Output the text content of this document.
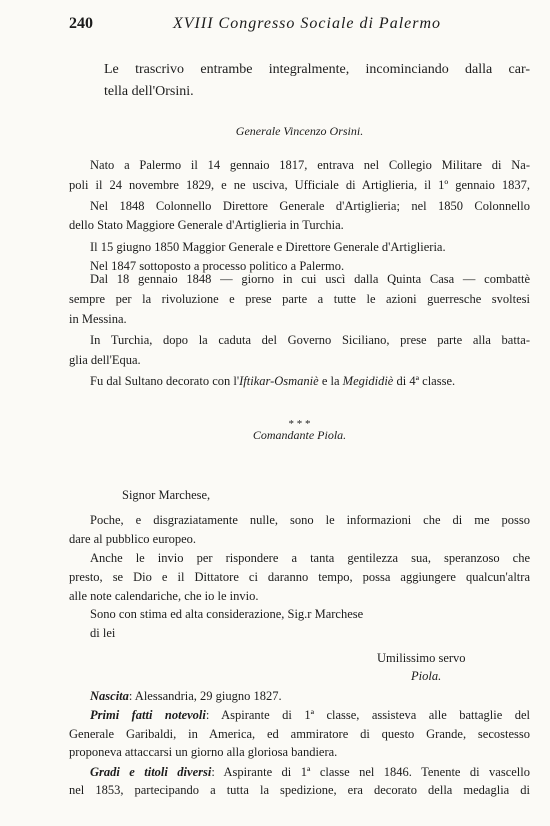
240	XVIII Congresso Sociale di Palermo
Le trascrivo entrambe integralmente, incominciando dalla car-
tella dell'Orsini.
Generale Vincenzo Orsini.
Nato a Palermo il 14 gennaio 1817, entrava nel Collegio Militare di Na-
poli il 24 novembre 1829, e ne usciva, Ufficiale di Artiglieria, il 1º gennaio 1837,
Nel 1848 Colonnello Direttore Generale d'Artiglieria; nel 1850 Colonnello
dello Stato Maggiore Generale d'Artiglieria in Turchia.
Il 15 giugno 1850 Maggior Generale e Direttore Generale d'Artiglieria.
Nel 1847 sottoposto a processo politico a Palermo.
Dal 18 gennaio 1848 — giorno in cui uscì dalla Quinta Casa — combattè
sempre per la rivoluzione e prese parte a tutte le azioni guerresche svoltesi
in Messina.
In Turchia, dopo la caduta del Governo Siciliano, prese parte alla batta-
glia dell'Equa.
Fu dal Sultano decorato con l'Iftikar-Osmaniè e la Megididiè di 4ª classe.
* * *
Comandante Piola.
Signor Marchese,
Poche, e disgraziatamente nulle, sono le informazioni che di me posso
dare al pubblico europeo.
Anche le invio per rispondere a tanta gentilezza sua, speranzoso che
presto, se Dio e il Dittatore ci daranno tempo, possa aggiungere qualcun'altra
alle note calendariche, che io le invio.
Sono con stima ed alta considerazione, Sig.r Marchese
di lei
Umilissimo servo
Piola.
Nascita: Alessandria, 29 giugno 1827.
Primi fatti notevoli: Aspirante di 1ª classe, assisteva alle battaglie del
Generale Garibaldi, in America, ed ammiratore di questo Grande, secostesso
proponeva attaccarsi un giorno alla gloriosa bandiera.
Gradi e titoli diversi: Aspirante di 1ª classe nel 1846. Tenente di vascello
nel 1853, partecipando a tutta la spedizione, era decorato della medaglia di
